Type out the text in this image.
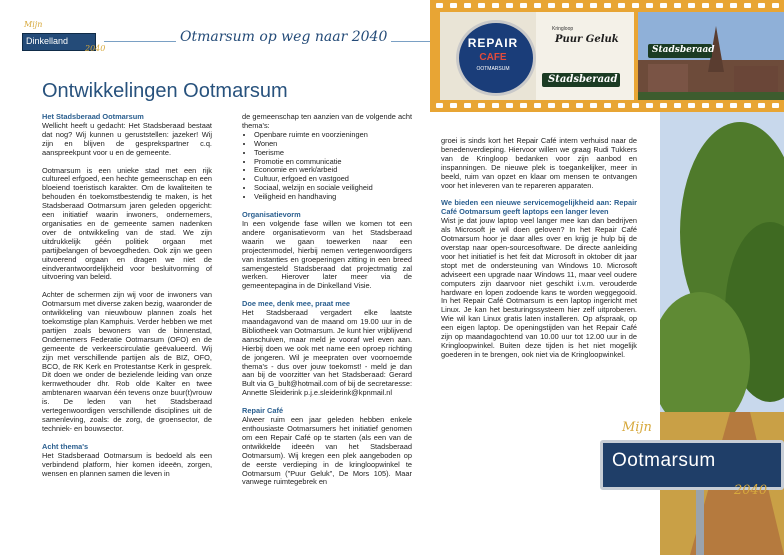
Mijn
Dinkelland
2040
Otmarsum op weg naar 2040
Ontwikkelingen Ootmarsum
REPAIR
CAFE
OOTMARSUM
Kringloop
Puur Geluk
Stadsberaad
Stadsberaad
Het Stadsberaad Ootmarsum

Wellicht heeft u gedacht: Het Stadsberaad bestaat dat nog? Wij kunnen u geruststellen: jazeker! Wij zijn en blijven de gesprekspartner c.q. aanspreekpunt voor u en de gemeente.

Ootmarsum is een unieke stad met een rijk cultureel erfgoed, een hechte gemeenschap en een bloeiend toeristisch karakter. Om de kwaliteiten te behouden én toekomstbestendig te maken, is het Stadsberaad Ootmarsum jaren geleden opgericht: een initiatief waarin inwoners, ondernemers, organisaties en de gemeente samen nadenken over de ontwikkeling van de stad. We zijn uitdrukkelijk géén politiek orgaan met partijbelangen of bevoegdheden. Ook zijn we geen uitvoerend orgaan en dragen we niet de eindverantwoordelijkheid voor besluitvorming of uitvoering van beleid.

Achter de schermen zijn wij voor de inwoners van Ootmarsum met diverse zaken bezig, waaronder de ontwikkeling van nieuwbouw plannen zoals het toekomstige plan Kamphuis. Verder hebben we met partijen zoals bewoners van de binnenstad, Ondernemers Federatie Ootmarsum (OFO) en de gemeente de verkeerscirculatie geëvalueerd. Wij zijn met verschillende partijen als de BIZ, OFO, BCO, de RK Kerk en Protestantse Kerk in gesprek. Dit doen we onder de bezielende leiding van onze kernwethouder dhr. Rob olde Kalter en twee ambtenaren waarvan één tevens onze buur(t)vrouw is. De leden van het Stadsberaad vertegenwoordigen verschillende disciplines uit de samenleving, zoals: de zorg, de groensector, de techniek- en bouwsector.

Acht thema's

Het Stadsberaad Ootmarsum is bedoeld als een verbindend platform, hier komen ideeën, zorgen, wensen en plannen samen die leven in

de gemeenschap ten aanzien van de volgende acht thema's:

• Openbare ruimte en voorzieningen
• Wonen
• Toerisme
• Promotie en communicatie
• Economie en werk/arbeid
• Cultuur, erfgoed en vastgoed
• Sociaal, welzijn en sociale veiligheid
• Veiligheid en handhaving
Organisatievorm

In een volgende fase willen we komen tot een andere organisatievorm van het Stadsberaad waarin we gaan toewerken naar een projectenmodel, hierbij nemen vertegenwoordigers van instanties en groeperingen zitting in een breed samengesteld Stadsberaad dat projectmatig zal werken. Hierover later meer via de gemeentepagina in de Dinkelland Visie.

Doe mee, denk mee, praat mee

Het Stadsberaad vergadert elke laatste maandagavond van de maand om 19.00 uur in de Bibliotheek van Ootmarsum. Je kunt hier vrijblijvend aanschuiven, maar meld je vooraf wel even aan. Hierbij doen we ook met name een oproep richting de jongeren. Wil je meepraten over voornoemde thema's - dus over jouw toekomst! - meld je dan aan bij de voorzitter van het Stadsberaad: Gerard Bult via G_bult@hotmail.com of bij de secretaresse: Annette Sleiderink p.j.e.sleiderink@kpnmail.nl

Repair Café

Alweer ruim een jaar geleden hebben enkele enthousiaste Ootmarsumers het initiatief genomen om een Repair Café op te starten (als een van de ontwikkelde ideeën van het Stadsberaad Ootmarsum). Wij kregen een plek aangeboden op de eerste verdieping in de kringloopwinkel te Ootmarsum ("Puur Geluk", De Mors 105). Maar vanwege ruimtegebrek en

groei is sinds kort het Repair Café intern verhuisd naar de benedenverdieping. Hiervoor willen we graag Rudi Tukkers van de Kringloop bedanken voor zijn aanbod en inspanningen. De nieuwe plek is toegankelijker, meer in beeld, ruim van opzet en klaar om mensen te ontvangen voor het inleveren van te repareren apparaten.

We bieden een nieuwe servicemogelijkheid aan: Repair Café Ootmarsum geeft laptops een langer leven

Wist je dat jouw laptop veel langer mee kan dan bedrijven als Microsoft je wil doen geloven? In het Repair Café Ootmarsum hoor je daar alles over en krijg je hulp bij de overstap naar open-sourcesoftware. De directe aanleiding voor het initiatief is het feit dat Microsoft in oktober dit jaar stopt met de ondersteuning van Windows 10. Microsoft adviseert een upgrade naar Windows 11, maar veel oudere computers zijn daarvoor niet geschikt i.v.m. verouderde hardware en lopen zodoende kans te worden weggegooid. In het Repair Café Ootmarsum is een laptop ingericht met Linux. Je kan het besturingssysteem hier zelf uitproberen. Wie wil kan Linux gratis laten installeren. Op afspraak, op een eigen laptop. De openingstijden van het Repair Café zijn op maandagochtend van 10.00 uur tot 12.00 uur in de Kringloopwinkel. Buiten deze tijden is het niet mogelijk goederen in te brengen, ook niet via de Kringloopwinkel.

Mijn
Ootmarsum
2040
